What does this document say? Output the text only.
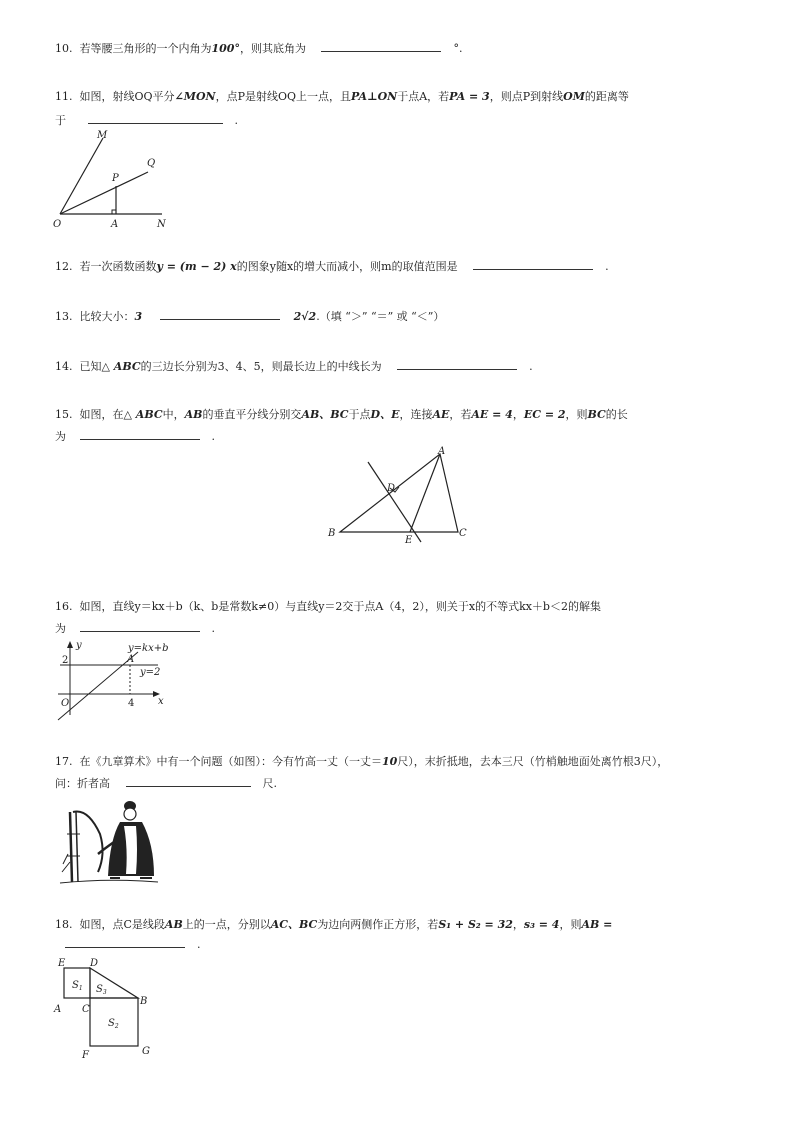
10. 若等腰三角形的一个内角为100°，则其底角为	°.
11. 如图，射线OQ平分∠MON，点P是射线OQ上一点，且PA⊥ON于点A，若PA = 3，则点P到射线OM的距离等
于	.
M
Q
P
O	A	N
12. 若一次函数函数y = (m − 2) x的图象y随x的增大而减小，则m的取值范围是	.
13. 比较大小：3	2√2.（填 “＞” “＝” 或 “＜”）
14. 已知△ ABC的三边长分别为3、4、5，则最长边上的中线长为	.
15. 如图，在△ ABC中，AB的垂直平分线分别交AB、BC于点D、E，连接AE，若AE = 4，EC = 2，则BC的长
为	.
A
B	C
D
E
16. 如图，直线y＝kx＋b（k、b是常数k≠0）与直线y＝2交于点A（4，2），则关于x的不等式kx＋b＜2的解集
为	.
y
x
O
2
4
A
y=kx+b
y=2
17. 在《九章算术》中有一个问题（如图）：今有竹高一丈（一丈＝10尺），末折抵地，去本三尺（竹梢触地面处离竹根3尺），
问：折者高	尺.
18. 如图，点C是线段AB上的一点，分别以AC、BC为边向两侧作正方形，若S₁ + S₂ = 32，s₃ = 4，则AB =
.
E D
A C
B
F	G
$S_1$ $S_3$
$S_2$
